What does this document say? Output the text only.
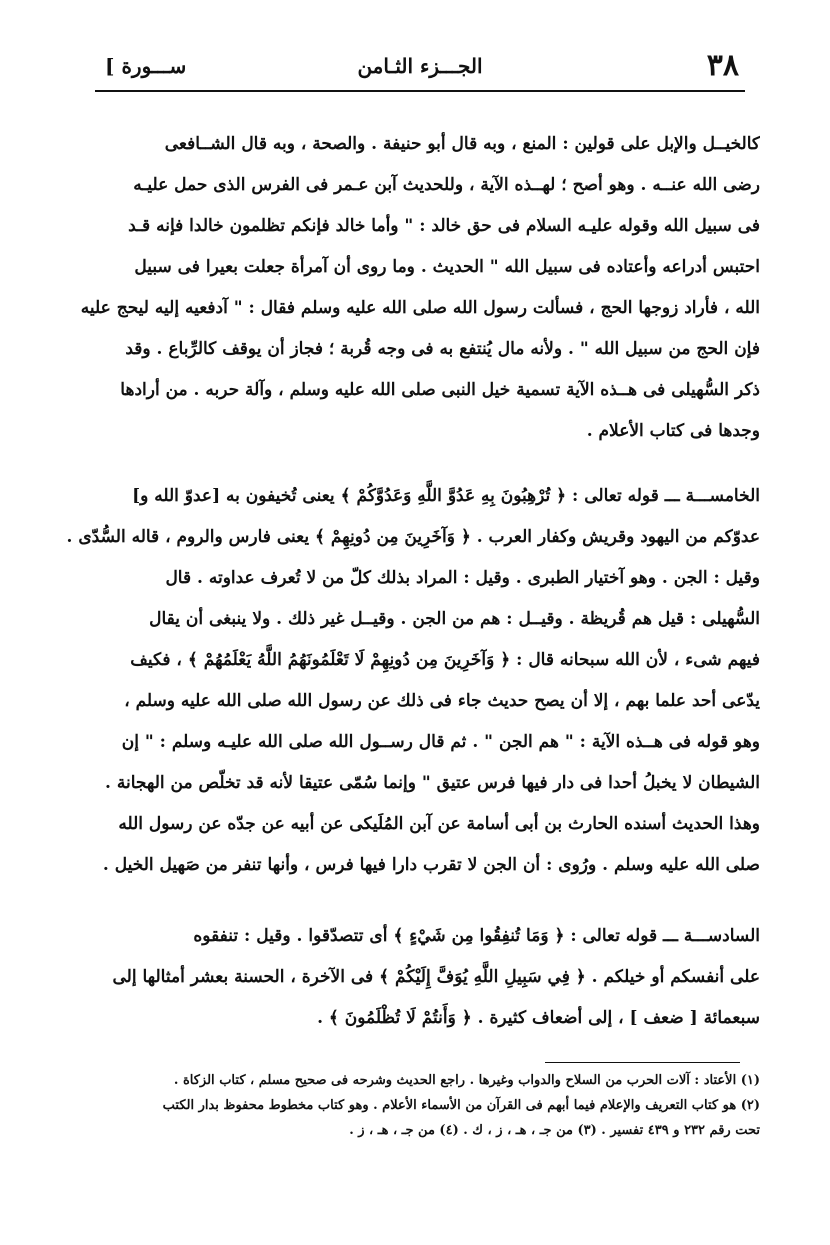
٣٨
الجـــزء الثـامن
[ ســـورة
كالخيــل والإبل على قولين : المنع ، وبه قال أبو حنيفة . والصحة ، وبه قال الشــافعى
رضى الله عنــه . وهو أصح ؛ لهــذه الآية ، وللحديث آبن عـمر فى الفرس الذى حمل عليـه
فى سبيل الله وقوله عليـه السلام فى حق خالد : " وأما خالد فإنكم تظلمون خالدا فإنه قـد
احتبس أدراعه وأعتاده فى سبيل الله " الحديث . وما روى أن آمرأة جعلت بعيرا فى سبيل
الله ، فأراد زوجها الحج ، فسألت رسول الله صلى الله عليه وسلم فقال : " آدفعيه إليه ليحج عليه
فإن الحج من سبيل الله " . ولأنه مال يُنتفع به فى وجه قُربة ؛ فجاز أن يوقف كالرِّباع . وقد
ذكر السُّهيلى فى هــذه الآية تسمية خيل النبى صلى الله عليه وسلم ، وآلة حربه . من أرادها
وجدها فى كتاب الأعلام .
الخامســـة ـــ قوله تعالى : ﴿ تُرْهِبُونَ بِهِ عَدُوَّ اللَّهِ وَعَدُوَّكُمْ ﴾ يعنى تُخيفون به [عدوّ الله و]
عدوّكم من اليهود وقريش وكفار العرب . ﴿ وَآخَرِينَ مِن دُونِهِمْ ﴾ يعنى فارس والروم ، قاله السُّدّى .
وقيل : الجن . وهو آختيار الطبرى . وقيل : المراد بذلك كلّ من لا تُعرف عداوته . قال
السُّهيلى : قيل هم قُريظة . وقيــل : هم من الجن . وقيــل غير ذلك . ولا ينبغى أن يقال
فيهم شىء ، لأن الله سبحانه قال : ﴿ وَآخَرِينَ مِن دُونِهِمْ لَا تَعْلَمُونَهُمُ اللَّهُ يَعْلَمُهُمْ ﴾ ، فكيف
يدّعى أحد علما بهم ، إلا أن يصح حديث جاء فى ذلك عن رسول الله صلى الله عليه وسلم ،
وهو قوله فى هــذه الآية : " هم الجن " . ثم قال رســول الله صلى الله عليـه وسلم : " إن
الشيطان لا يخبلُ أحدا فى دار فيها فرس عتيق " وإنما سُمّى عتيقا لأنه قد تخلّص من الهجانة .
وهذا الحديث أسنده الحارث بن أبى أسامة عن آبن المُلَيكى عن أبيه عن جدّه عن رسول الله
صلى الله عليه وسلم . ورُوى : أن الجن لا تقرب دارا فيها فرس ، وأنها تنفر من صَهيل الخيل .
السادســـة ـــ قوله تعالى : ﴿ وَمَا تُنفِقُوا مِن شَيْءٍ ﴾ أى تتصدّقوا . وقيل : تنفقوه
على أنفسكم أو خيلكم . ﴿ فِي سَبِيلِ اللَّهِ يُوَفَّ إِلَيْكُمْ ﴾ فى الآخرة ، الحسنة بعشر أمثالها إلى
سبعمائة [ ضعف ] ، إلى أضعاف كثيرة . ﴿ وَأَنتُمْ لَا تُظْلَمُونَ ﴾ .
(١) الأعتاد : آلات الحرب من السلاح والدواب وغيرها . راجع الحديث وشرحه فى صحيح مسلم ، كتاب الزكاة .
(٢) هو كتاب التعريف والإعلام فيما أبهم فى القرآن من الأسماء الأعلام . وهو كتاب مخطوط محفوظ بدار الكتب
تحت رقم ٢٣٢ و ٤٣٩ تفسير . (٣) من جـ ، هـ ، ز ، ك . (٤) من جـ ، هـ ، ز .
